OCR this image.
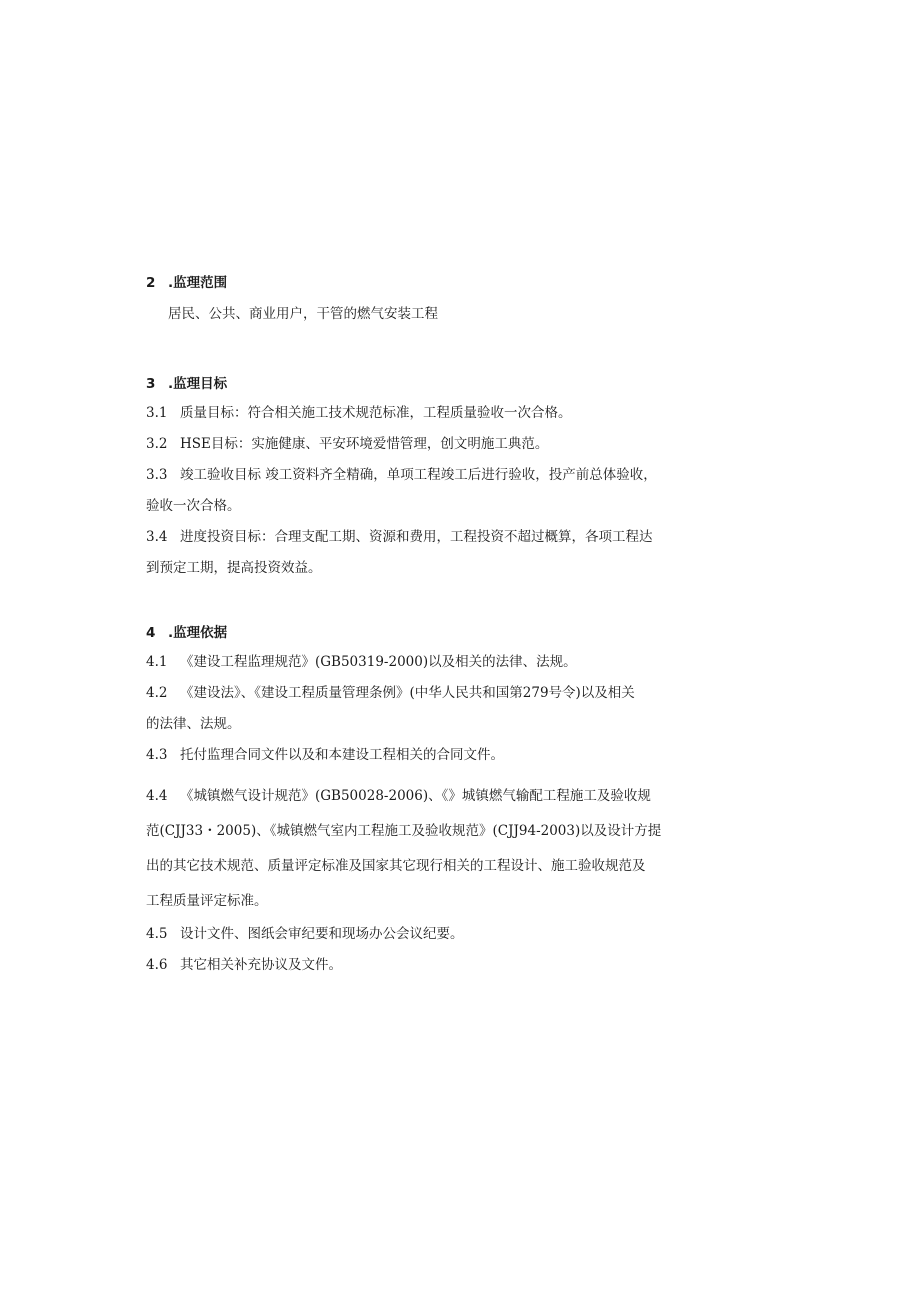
2 .监理范围

居民、公共、商业用户，干管的燃气安装工程

3 .监理目标

3.1 质量目标：符合相关施工技术规范标准，工程质量验收一次合格。

3.2 HSE目标：实施健康、平安环境爱惜管理，创文明施工典范。

3.3 竣工验收目标 竣工资料齐全精确，单项工程竣工后进行验收，投产前总体验收，

验收一次合格。

3.4 进度投资目标：合理支配工期、资源和费用，工程投资不超过概算，各项工程达

到预定工期，提高投资效益。

4 .监理依据

4.1 《建设工程监理规范》(GB50319-2000)以及相关的法律、法规。

4.2 《建设法》、《建设工程质量管理条例》(中华人民共和国第279号令)以及相关

的法律、法规。

4.3 托付监理合同文件以及和本建设工程相关的合同文件。

4.4 《城镇燃气设计规范》(GB50028-2006)、《》城镇燃气输配工程施工及验收规

范(CJJ33・2005)、《城镇燃气室内工程施工及验收规范》(CJJ94-2003)以及设计方提

出的其它技术规范、质量评定标准及国家其它现行相关的工程设计、施工验收规范及

工程质量评定标准。

4.5 设计文件、图纸会审纪要和现场办公会议纪要。

4.6 其它相关补充协议及文件。
